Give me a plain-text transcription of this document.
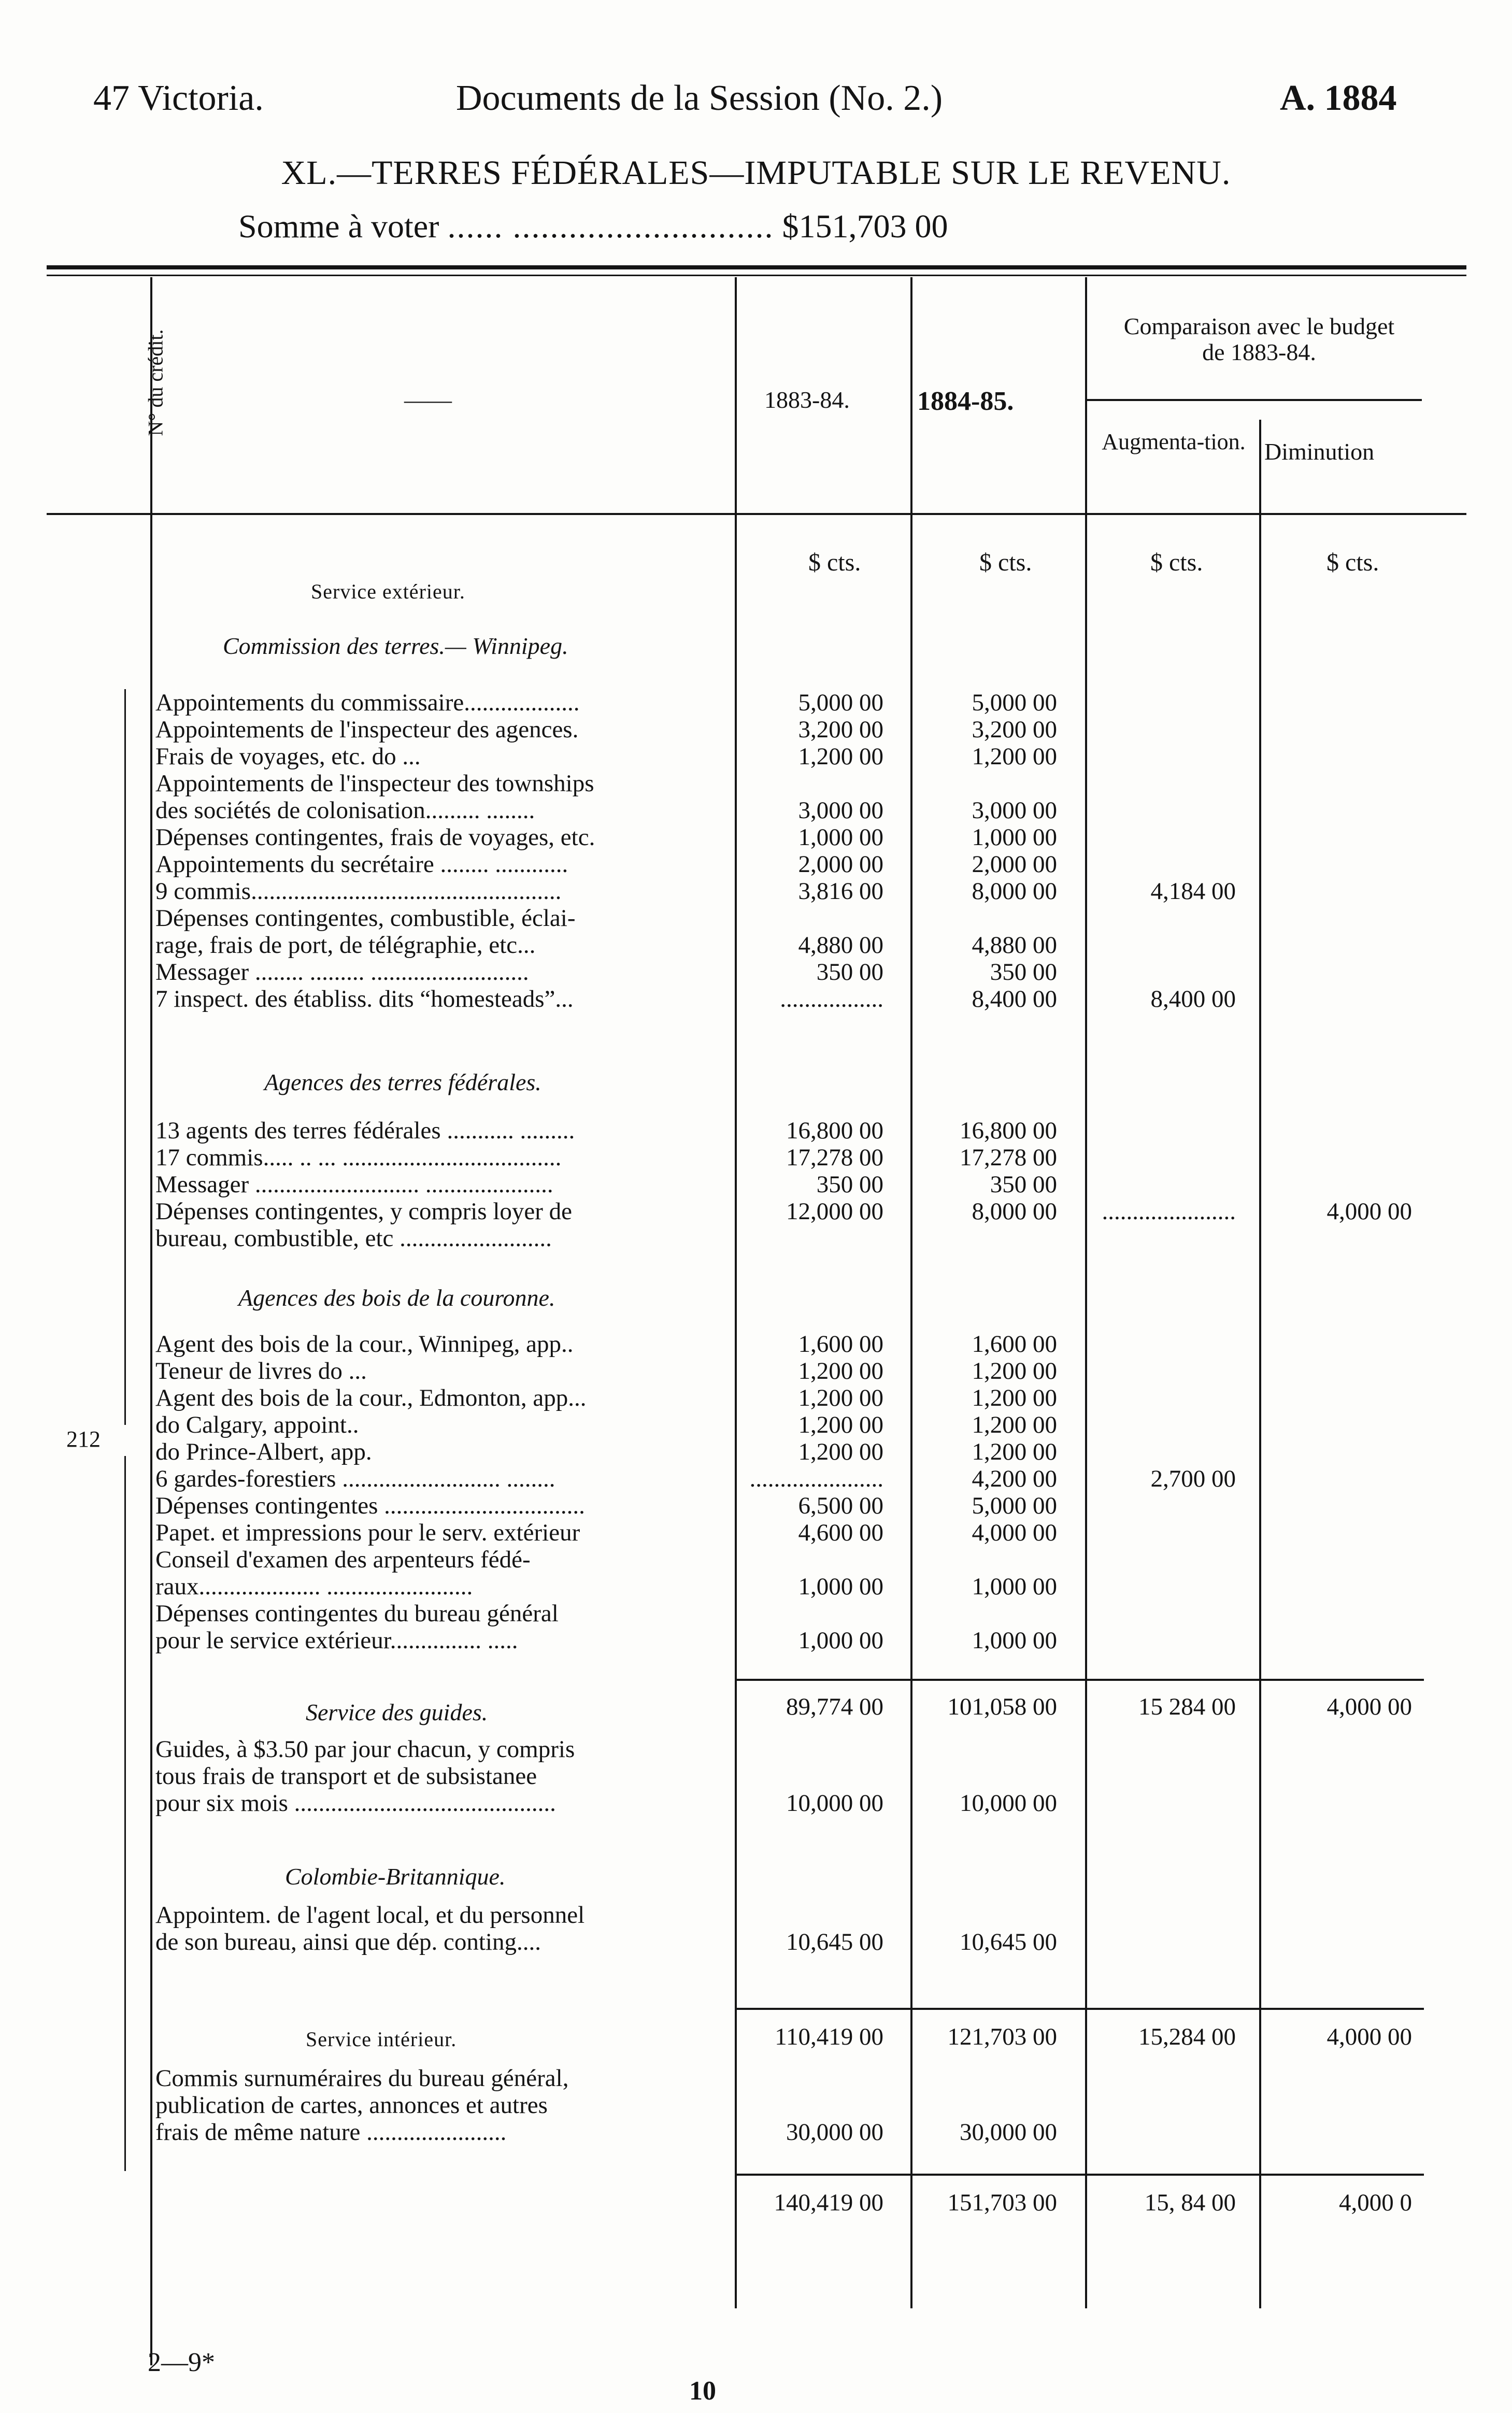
47 Victoria.	Documents de la Session (No. 2.)	A. 1884
XL.—TERRES FÉDÉRALES—IMPUTABLE SUR LE REVENU.
Somme à voter ...... ............................ $151,703 00
N° du crédit.	——	1883-84.	1884-85.
Comparaison avec le budget de 1883-84.
Augmenta-tion. Diminution
$ cts.	$ cts.	$ cts.	$ cts.
Service extérieur.
Commission des terres.— Winnipeg.
Agences des terres fédérales.
Agences des bois de la couronne.
Service des guides.
Colombie-Britannique.
Service intérieur.
212
Appointements du commissaire...................	5,000 00	5,000 00
Appointements de l'inspecteur des agences.	3,200 00	3,200 00
Frais de voyages, etc. do ...	1,200 00	1,200 00
Appointements de l'inspecteur des townships
des sociétés de colonisation......... ........	3,000 00	3,000 00
Dépenses contingentes, frais de voyages, etc.	1,000 00	1,000 00
Appointements du secrétaire ........ ............	2,000 00	2,000 00
9 commis...................................................	3,816 00	8,000 00	4,184 00
Dépenses contingentes, combustible, éclai-
rage, frais de port, de télégraphie, etc...	4,880 00	4,880 00
Messager ........ ......... ..........................	350 00	350 00
7 inspect. des établiss. dits “homesteads”...	.................	8,400 00	8,400 00
13 agents des terres fédérales ........... .........	16,800 00	16,800 00
17 commis..... .. ... ....................................	17,278 00	17,278 00
Messager ........................... .....................	350 00	350 00
Dépenses contingentes, y compris loyer de	12,000 00	8,000 00 ......................	4,000 00
bureau, combustible, etc .........................
Agent des bois de la cour., Winnipeg, app..	1,600 00	1,600 00
Teneur de livres do ...	1,200 00	1,200 00
Agent des bois de la cour., Edmonton, app...	1,200 00	1,200 00
do Calgary, appoint..	1,200 00	1,200 00
do Prince-Albert, app.	1,200 00	1,200 00
6 gardes-forestiers .......................... ........	......................	4,200 00	2,700 00
Dépenses contingentes .................................	6,500 00	5,000 00
Papet. et impressions pour le serv. extérieur	4,600 00	4,000 00
Conseil d'examen des arpenteurs fédé-
raux.................... ........................	1,000 00	1,000 00
Dépenses contingentes du bureau général
pour le service extérieur............... .....	1,000 00	1,000 00
Guides, à $3.50 par jour chacun, y compris
tous frais de transport et de subsistanee
pour six mois ...........................................	10,000 00	10,000 00
Appointem. de l'agent local, et du personnel
de son bureau, ainsi que dép. conting....	10,645 00	10,645 00
Commis surnuméraires du bureau général,
publication de cartes, annonces et autres
frais de même nature .......................	30,000 00	30,000 00
89,774 00	101,058 00	15 284 00	4,000 00
110,419 00	121,703 00	15,284 00	4,000 00
140,419 00	151,703 00	15, 84 00	4,000 0
2—9*
10
